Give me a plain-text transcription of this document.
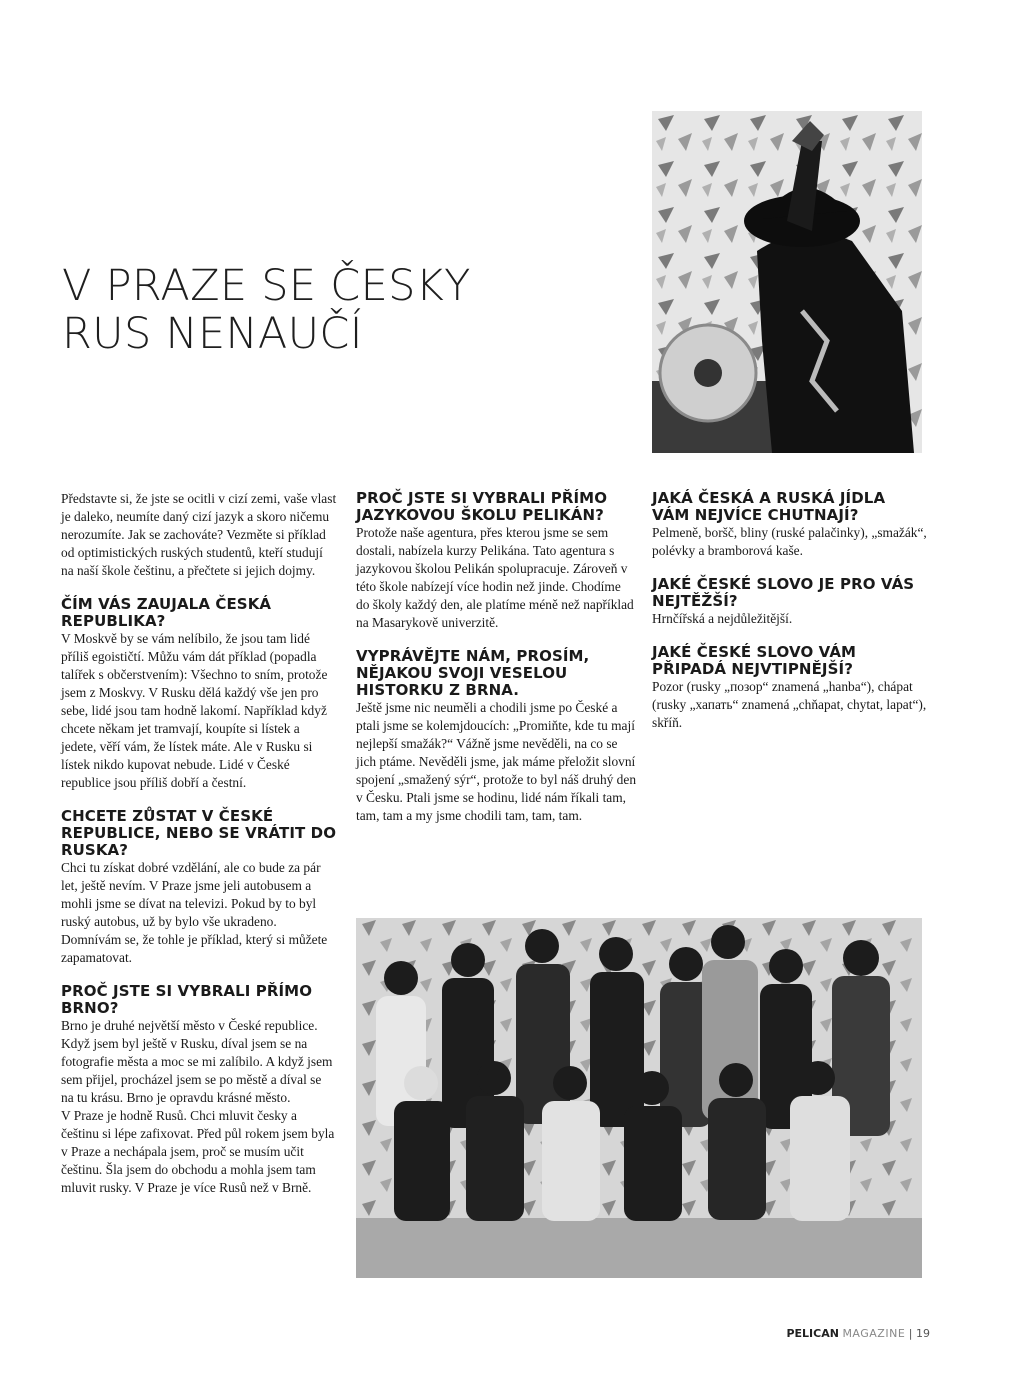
V PRAZE SE ČESKY
RUS NENAUČÍ

Představte si, že jste se ocitli v cizí zemi, vaše vlast je daleko, neumíte daný cizí jazyk a skoro ničemu nerozumíte. Jak se zachováte? Vezměte si příklad od optimistických ruských studentů, kteří studují na naší škole češtinu, a přečtete si jejich dojmy.

ČÍM VÁS ZAUJALA ČESKÁ REPUBLIKA?

V Moskvě by se vám nelíbilo, že jsou tam lidé příliš egoističtí. Můžu vám dát příklad (popadla talířek s občerstvením): Všechno to sním, protože jsem z Moskvy. V Rusku dělá každý vše jen pro sebe, lidé jsou tam hodně lakomí. Například když chcete někam jet tramvají, koupíte si lístek a jedete, věří vám, že lístek máte. Ale v Rusku si lístek nikdo kupovat nebude. Lidé v České republice jsou příliš dobří a čestní.

CHCETE ZŮSTAT V ČESKÉ REPUBLICE, NEBO SE VRÁTIT DO RUSKA?

Chci tu získat dobré vzdělání, ale co bude za pár let, ještě nevím. V Praze jsme jeli autobusem a mohli jsme se dívat na televizi. Pokud by to byl ruský autobus, už by bylo vše ukradeno. Domnívám se, že tohle je příklad, který si můžete zapamatovat.

PROČ JSTE SI VYBRALI PŘÍMO BRNO?

Brno je druhé největší město v České republice. Když jsem byl ještě v Rusku, díval jsem se na fotografie města a moc se mi zalíbilo. A když jsem sem přijel, procházel jsem se po městě a díval se na tu krásu. Brno je opravdu krásné město.

V Praze je hodně Rusů. Chci mluvit česky a češtinu si lépe zafixovat. Před půl rokem jsem byla v Praze a nechápala jsem, proč se musím učit češtinu. Šla jsem do obchodu a mohla jsem tam mluvit rusky. V Praze je více Rusů než v Brně.

PROČ JSTE SI VYBRALI PŘÍMO JAZYKOVOU ŠKOLU PELIKÁN?

Protože naše agentura, přes kterou jsme se sem dostali, nabízela kurzy Pelikána. Tato agentura s jazykovou školou Pelikán spolupracuje. Zároveň v této škole nabízejí více hodin než jinde. Chodíme do školy každý den, ale platíme méně než například na Masarykově univerzitě.

VYPRÁVĚJTE NÁM, PROSÍM, NĚJAKOU SVOJI VESELOU HISTORKU Z BRNA.

Ještě jsme nic neuměli a chodili jsme po České a ptali jsme se kolemjdoucích: „Promiňte, kde tu mají nejlepší smažák?“ Vážně jsme nevěděli, na co se jich ptáme. Nevěděli jsme, jak máme přeložit slovní spojení „smažený sýr“, protože to byl náš druhý den v Česku. Ptali jsme se hodinu, lidé nám říkali tam, tam, tam a my jsme chodili tam, tam, tam.

JAKÁ ČESKÁ A RUSKÁ JÍDLA VÁM NEJVÍCE CHUTNAJÍ?

Pelmeně, boršč, bliny (ruské palačinky), „smažák“, polévky a bramborová kaše.

JAKÉ ČESKÉ SLOVO JE PRO VÁS NEJTĚŽŠÍ?

Hrnčířská a nejdůležitější.

JAKÉ ČESKÉ SLOVO VÁM PŘIPADÁ NEJVTIPNĚJŠÍ?

Pozor (rusky „позор“ znamená „hanba“), chápat (rusky „хапать“ znamená „chňapat, chytat, lapat“), skříň.

PELICAN MAGAZINE | 19
